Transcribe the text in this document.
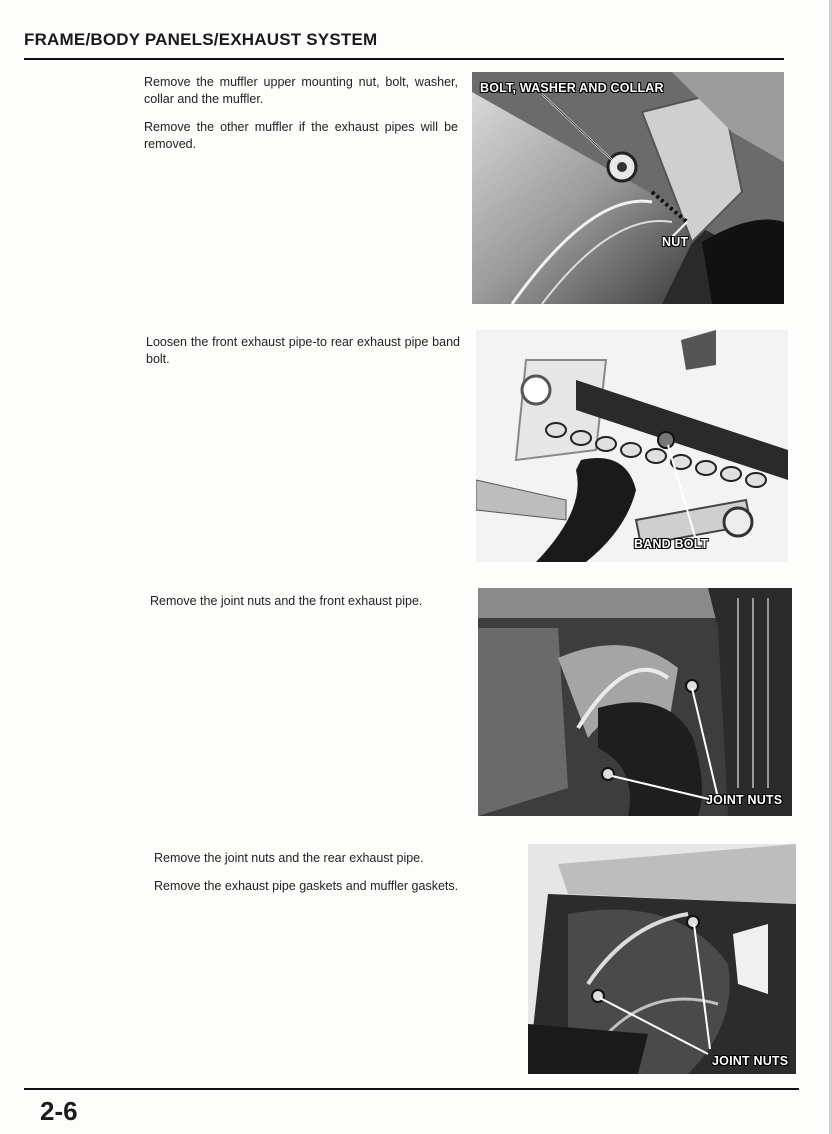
FRAME/BODY PANELS/EXHAUST SYSTEM

Remove the muffler upper mounting nut, bolt, washer, collar and the muffler.

Remove the other muffler if the exhaust pipes will be removed.

BOLT, WASHER AND COLLAR
NUT

Loosen the front exhaust pipe-to rear exhaust pipe band bolt.

BAND BOLT

Remove the joint nuts and the front exhaust pipe.

JOINT NUTS

Remove the joint nuts and the rear exhaust pipe.

Remove the exhaust pipe gaskets and muffler gaskets.

JOINT NUTS
2-6
